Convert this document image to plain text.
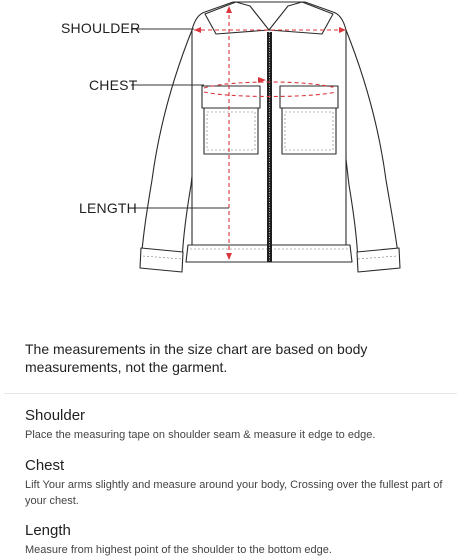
SHOULDER
CHEST
LENGTH
The measurements in the size chart are based on body measurements, not the garment.
Shoulder

Place the measuring tape on shoulder seam & measure it edge to edge.

Chest

Lift Your arms slightly and measure around your body, Crossing over the fullest part of your chest.

Length

Measure from highest point of the shoulder to the bottom edge.
